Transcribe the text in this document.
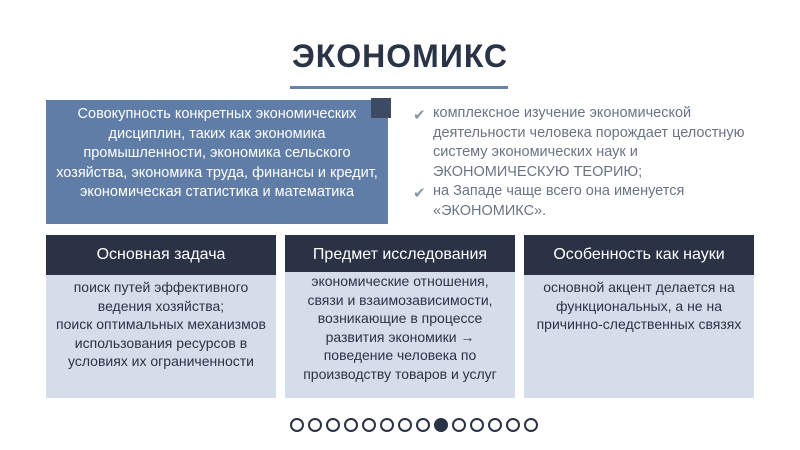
ЭКОНОМИКС

Совокупность конкретных экономических дисциплин, таких как экономика промышленности, экономика сельского хозяйства, экономика труда, финансы и кредит, экономическая статистика и математика

✔ комплексное изучение экономической деятельности человека порождает целостную систему экономических наук и ЭКОНОМИЧЕСКУЮ ТЕОРИЮ;
✔ на Западе чаще всего она именуется «ЭКОНОМИКС».
Основная задача

поиск путей эффективного ведения хозяйства;

поиск оптимальных механизмов использования ресурсов в условиях их ограниченности

Предмет исследования

экономические отношения, связи и взаимозависимости, возникающие в процессе развития экономики → поведение человека по производству товаров и услуг

Особенность как науки

основной акцент делается на функциональных, а не на причинно-следственных связях
